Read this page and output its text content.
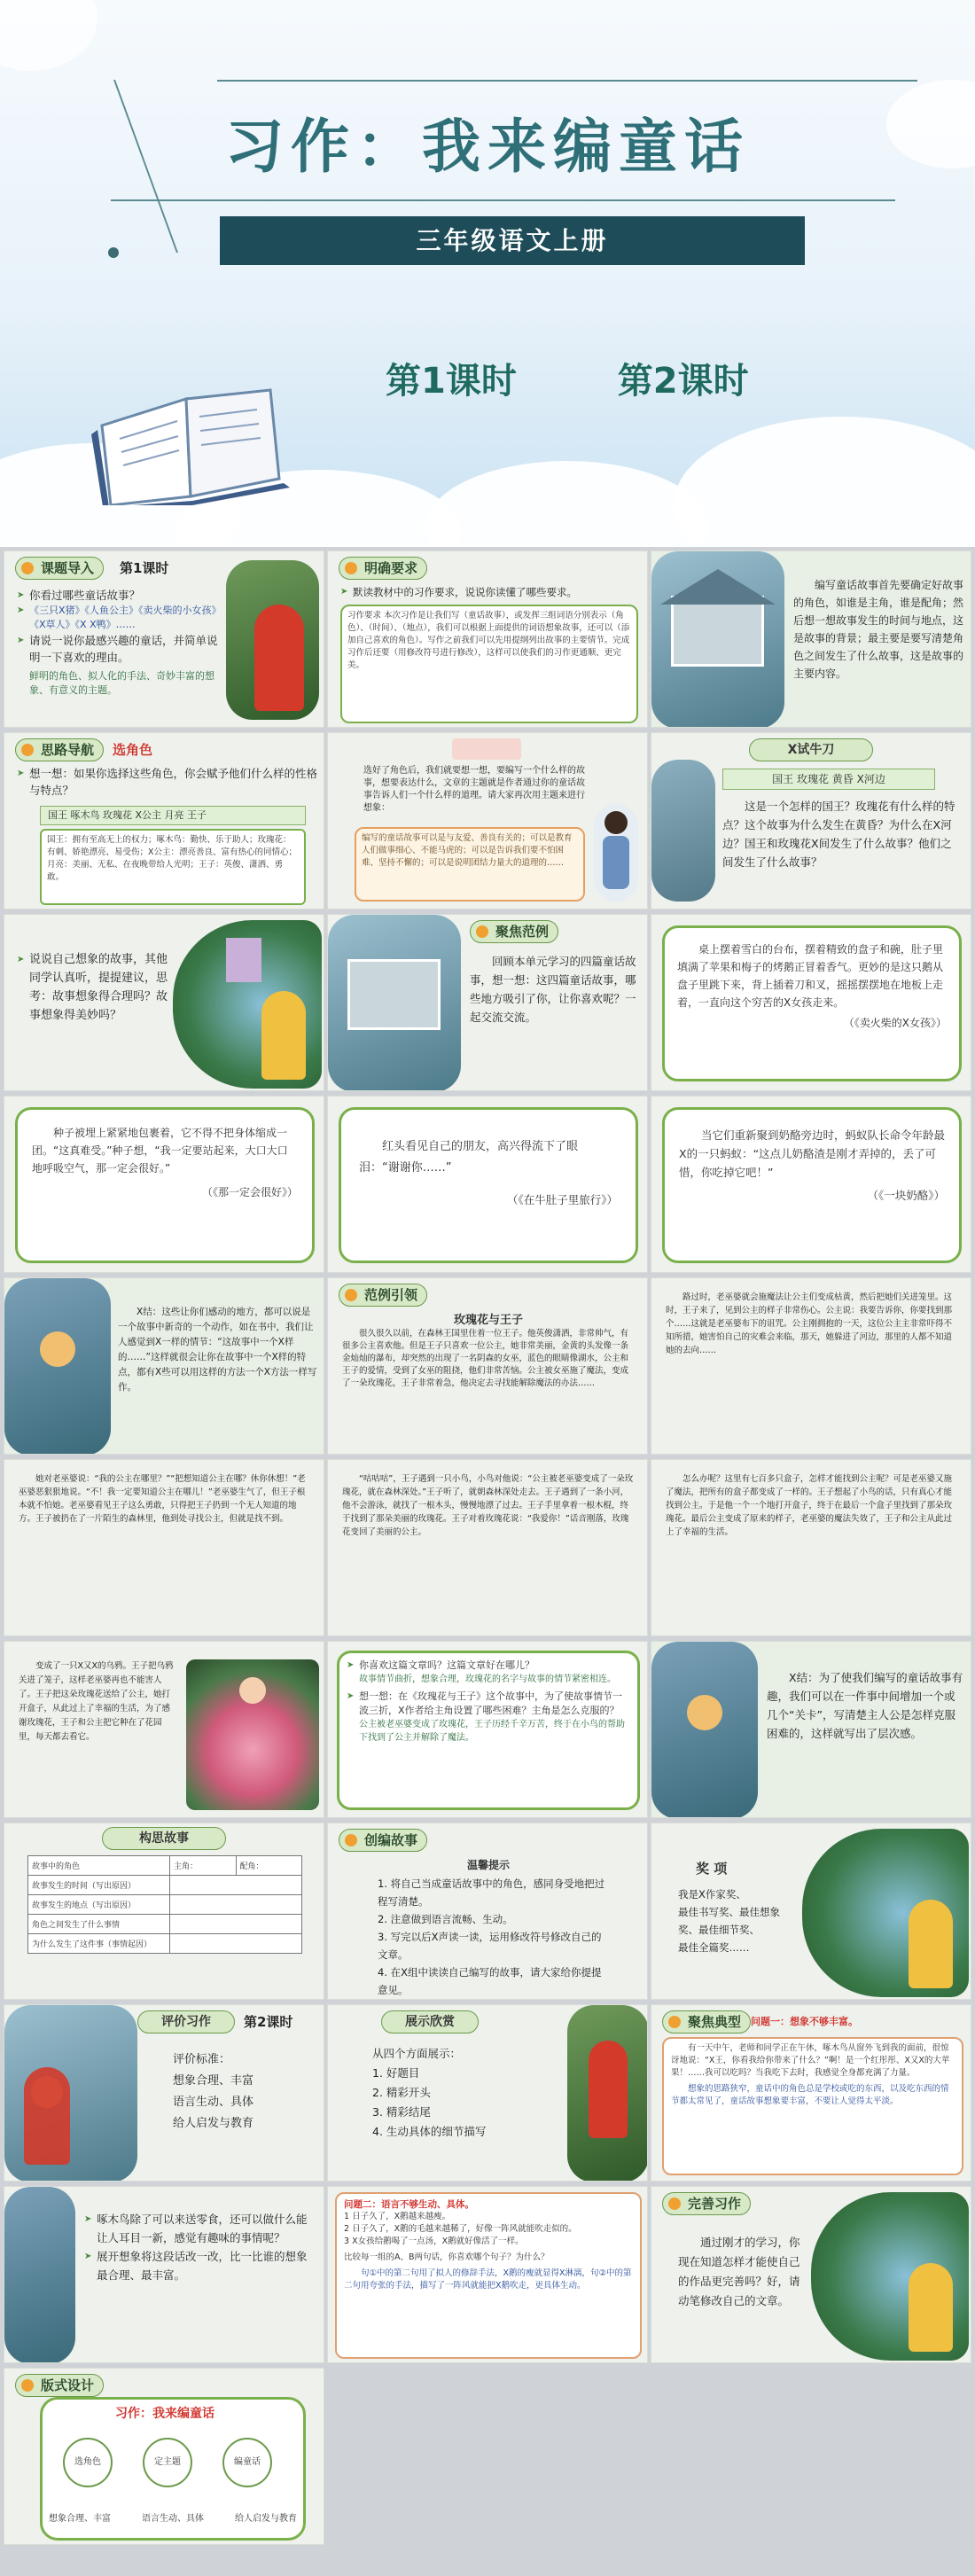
习作：我来编童话
三年级语文上册
第1课时	第2课时
课题导入	第1课时
➤ 你看过哪些童话故事？
➤ 《三只X猪》《人鱼公主》《卖火柴的小女孩》《X草人》《X X鸭》……
➤ 请说一说你最感兴趣的童话，并简单说明一下喜欢的理由。
鲜明的角色、拟人化的手法、奇妙丰富的想象、有意义的主题。
明确要求
➤ 默读教材中的习作要求，说说你读懂了哪些要求。
习作要求 本次习作是让我们写（童话故事），或发挥三组词语分别表示（角色）、（时间）、（地点），我们可以根据上面提供的词语想象故事，还可以（添加自己喜欢的角色）。写作之前我们可以先用提纲列出故事的主要情节。完成习作后还要（用修改符号进行修改），这样可以使我们的习作更通顺、更完美。
编写童话故事首先要确定好故事的角色，如谁是主角，谁是配角；然后想一想故事发生的时间与地点，这是故事的背景；最主要是要写清楚角色之间发生了什么故事，这是故事的主要内容。
思路导航	选角色
➤ 想一想：如果你选择这些角色，你会赋予他们什么样的性格与特点？
国王 啄木鸟 玫瑰花 X公主 月亮 王子
国王：拥有至高无上的权力；啄木鸟：勤快、乐于助人；玫瑰花：有刺、娇艳漂亮、易受伤；X公主：漂亮善良、富有热心的同情心；月亮：美丽、无私、在夜晚带给人光明；王子：英俊、潇洒、勇敢。
选好了角色后，我们就要想一想，要编写一个什么样的故事，想要表达什么，文章的主题就是作者通过你的童话故事告诉人们一个什么样的道理。请大家再次用主题来进行想象：
编写的童话故事可以是与友爱、善良有关的；可以是教育人们做事细心、不能马虎的；可以是告诉我们要不怕困难、坚持不懈的；可以是说明团结力量大的道理的……
X试牛刀
国王 玫瑰花 黄昏 X河边
这是一个怎样的国王？玫瑰花有什么样的特点？这个故事为什么发生在黄昏？为什么在X河边？国王和玫瑰花X间发生了什么故事？他们之间发生了什么故事？
➤ 说说自己想象的故事，其他同学认真听，提提建议，思考：故事想象得合理吗？故事想象得美妙吗？
聚焦范例
回顾本单元学习的四篇童话故事，想一想：这四篇童话故事，哪些地方吸引了你，让你喜欢呢？一起交流交流。
桌上摆着雪白的台布，摆着精致的盘子和碗，肚子里填满了苹果和梅子的烤鹅正冒着香气。更妙的是这只鹅从盘子里跳下来，背上插着刀和叉，摇摇摆摆地在地板上走着，一直向这个穷苦的X女孩走来。
（《卖火柴的X女孩》）
种子被埋上紧紧地包裹着，它不得不把身体缩成一团。“这真难受。”种子想，“我一定要站起来，大口大口地呼吸空气，那一定会很好。”
（《那一定会很好》）
红头看见自己的朋友，高兴得流下了眼泪：“谢谢你……”
（《在牛肚子里旅行》）
当它们重新聚到奶酪旁边时，蚂蚁队长命令年龄最X的一只蚂蚁：“这点儿奶酪渣是刚才弄掉的，丢了可惜，你吃掉它吧！”
（《一块奶酪》）
X结：这些让你们感动的地方，都可以说是一个故事中新奇的一个动作，如在书中，我们让人感觉到X一样的情节：“这故事中一个X样的……”这样就很会让你在故事中一个X样的特点，都有X些可以用这样的方法一个X方法一样写作。
范例引领
玫瑰花与王子
很久很久以前，在森林王国里住着一位王子。他英俊潇洒，非常帅气，有很多公主喜欢他。但是王子只喜欢一位公主，她非常美丽，金黄的头发像一条金灿灿的瀑布，却突然的出现了一名阴森的女巫，蓝色的眼睛像湖水，公主和王子的爱情，受到了女巫的阻挠，他们非常苦恼。公主被女巫施了魔法，变成了一朵玫瑰花，王子非常着急，他决定去寻找能解除魔法的办法……
路过时，老巫婆就会施魔法让公主们变成枯黄，然后把她们关进笼里。这时，王子来了，见到公主的样子非常伤心。公主说：我要告诉你，你要找到那个……这就是老巫婆布下的诅咒。公主刚拥抱的一天，这位公主主非常吓得不知所措，她害怕自己的灾难会来临，那天，她躲进了河边，那里的人都不知道她的去向……
她对老巫婆说：“我的公主在哪里？”“把想知道公主在哪？休你休想！”老巫婆恶狠狠地说。“不！我一定要知道公主在哪儿！”老巫婆生气了，但王子根本就不怕她。老巫婆看见王子这么勇敢，只得把王子扔到一个无人知道的地方。王子被扔在了一片陌生的森林里，他到处寻找公主，但就是找不到。
“咕咕咕”，王子遇到一只小鸟，小鸟对他说：“公主被老巫婆变成了一朵玫瑰花，就在森林深处。”王子听了，就朝森林深处走去。王子遇到了一条小河，他不会游泳，就找了一根木头，慢慢地漂了过去。王子手里拿着一根木棍，终于找到了那朵美丽的玫瑰花。王子对着玫瑰花说：“我爱你！”话音刚落，玫瑰花变回了美丽的公主。
怎么办呢？这里有七百多只盒子，怎样才能找到公主呢？可是老巫婆又施了魔法，把所有的盒子都变成了一样的。王子想起了小鸟的话，只有真心才能找到公主。于是他一个一个地打开盒子，终于在最后一个盒子里找到了那朵玫瑰花。最后公主变成了原来的样子，老巫婆的魔法失效了，王子和公主从此过上了幸福的生活。
变成了一只X又X的乌鸦。王子把乌鸦关进了笼子，这样老巫婆再也不能害人了。王子把这朵玫瑰花送给了公主，她打开盒子，从此过上了幸福的生活，为了感谢玫瑰花，王子和公主把它种在了花园里，每天都去看它。
➤ 你喜欢这篇文章吗？这篇文章好在哪儿？
故事情节曲折，想象合理，玫瑰花的名字与故事的情节紧密相连。
➤ 想一想：在《玫瑰花与王子》这个故事中，为了使故事情节一波三折，X作者给主角设置了哪些困难？主角是怎么克服的？
公主被老巫婆变成了玫瑰花，王子历经千辛万苦，终于在小鸟的帮助下找到了公主并解除了魔法。
X结：为了使我们编写的童话故事有趣，我们可以在一件事中间增加一个或几个“关卡”，写清楚主人公是怎样克服困难的，这样就写出了层次感。
构思故事
故事中的角色	主角：	配角：
故事发生的时间（写出原因）		
故事发生的地点（写出原因）		
角色之间发生了什么事情		
为什么发生了这件事（事情起因）		
创编故事
温馨提示
1. 将自己当成童话故事中的角色，感同身受地把过程写清楚。
2. 注意做到语言流畅、生动。
3. 写完以后X声读一读，运用修改符号修改自己的文章。
4. 在X组中读读自己编写的故事，请大家给你提提意见。
奖 项
我是X作家奖、
最佳书写奖、最佳想象奖、最佳细节奖、
最佳全篇奖……
评价习作	第2课时
评价标准：
想象合理、丰富
语言生动、具体
给人启发与教育
展示欣赏
从四个方面展示：
1. 好题目
2. 精彩开头
3. 精彩结尾
4. 生动具体的细节描写
聚焦典型 问题一：想象不够丰富。
有一天中午，老师和同学正在午休，啄木鸟从窗外飞到我的面前，很惊讶地说：“X王，你看我给你带来了什么？”啊！是一个红彤彤、X又X的大苹果！……我可以吃吗？当我吃下去时，我感觉全身都充满了力量。
想象的思路狭窄，童话中的角色总是学校或吃的东西，以及吃东西的情节都太常见了，童话故事想象要丰富，不要让人觉得太平淡。
➤ 啄木鸟除了可以来送零食，还可以做什么能让人耳目一新，感觉有趣味的事情呢？
➤ 展开想象将这段话改一改，比一比谁的想象最合理、最丰富。
问题二：语言不够生动、具体。
1 日子久了，X鹅越来越瘦。
2 日子久了，X鹅的毛越来越稀了，好像一阵风就能吹走似的。
3 X女孩给鹅喝了一点汤，X鹅就好像活了一样。
比较每一组的A、B两句话，你喜欢哪个句子？为什么？
句①中的第二句用了拟人的修辞手法，X鹅的瘦就显得X淋漓，句②中的第二句用夸张的手法，描写了一阵风就能把X鹅吹走，更具体生动。
完善习作
通过刚才的学习，你现在知道怎样才能使自己的作品更完善吗？好，请动笔修改自己的文章。
版式设计
习作：我来编童话
选角色	定主题	编童话
想象合理、丰富	语言生动、具体	给人启发与教育
